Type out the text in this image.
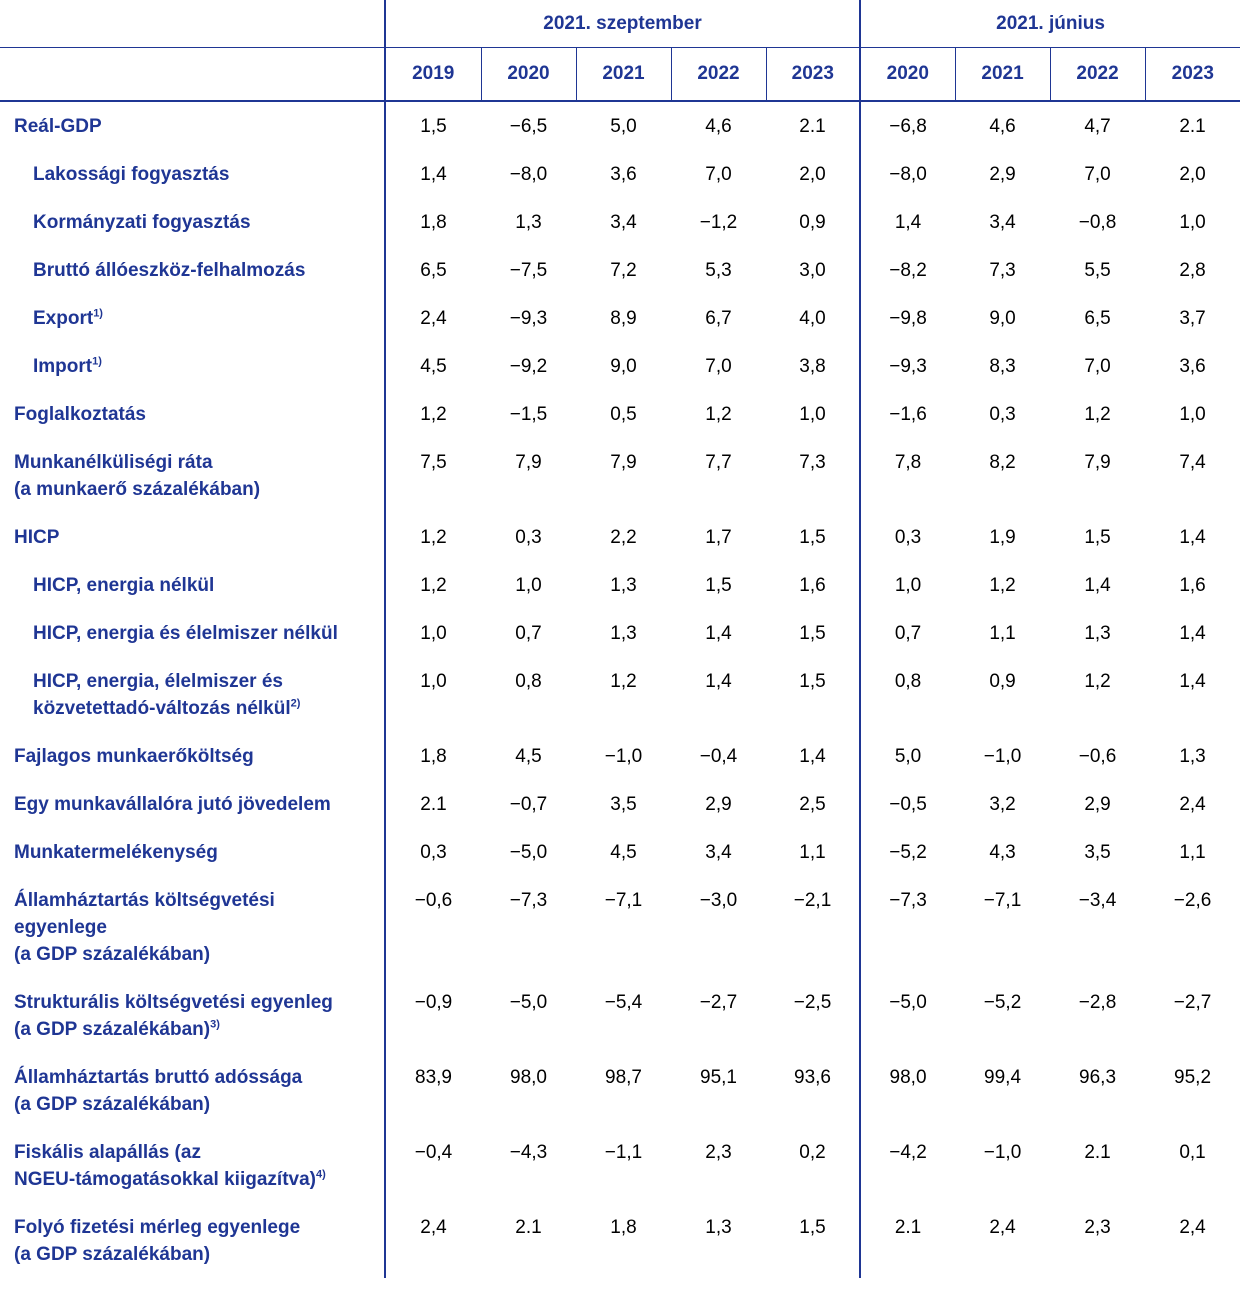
	2021. szeptember					2021. június			
	2019	2020	2021	2022	2023	2020	2021	2022	2023
Reál-GDP	1,5	−6,5	5,0	4,6	2.1	−6,8	4,6	4,7	2.1
Lakossági fogyasztás	1,4	−8,0	3,6	7,0	2,0	−8,0	2,9	7,0	2,0
Kormányzati fogyasztás	1,8	1,3	3,4	−1,2	0,9	1,4	3,4	−0,8	1,0
Bruttó állóeszköz-felhalmozás	6,5	−7,5	7,2	5,3	3,0	−8,2	7,3	5,5	2,8
Export$^{1)}$	2,4	−9,3	8,9	6,7	4,0	−9,8	9,0	6,5	3,7
Import$^{1)}$	4,5	−9,2	9,0	7,0	3,8	−9,3	8,3	7,0	3,6
Foglalkoztatás	1,2	−1,5	0,5	1,2	1,0	−1,6	0,3	1,2	1,0
Munkanélküliségi ráta
(a munkaerő százalékában)	7,5	7,9	7,9	7,7	7,3	7,8	8,2	7,9	7,4
HICP	1,2	0,3	2,2	1,7	1,5	0,3	1,9	1,5	1,4
HICP, energia nélkül	1,2	1,0	1,3	1,5	1,6	1,0	1,2	1,4	1,6
HICP, energia és élelmiszer nélkül	1,0	0,7	1,3	1,4	1,5	0,7	1,1	1,3	1,4
HICP, energia, élelmiszer és
közvetettadó-változás nélkül$^{2)}$	1,0	0,8	1,2	1,4	1,5	0,8	0,9	1,2	1,4
Fajlagos munkaerőköltség	1,8	4,5	−1,0	−0,4	1,4	5,0	−1,0	−0,6	1,3
Egy munkavállalóra jutó jövedelem	2.1	−0,7	3,5	2,9	2,5	−0,5	3,2	2,9	2,4
Munkatermelékenység	0,3	−5,0	4,5	3,4	1,1	−5,2	4,3	3,5	1,1
Államháztartás költségvetési
egyenlege
(a GDP százalékában)	−0,6	−7,3	−7,1	−3,0	−2,1	−7,3	−7,1	−3,4	−2,6
Strukturális költségvetési egyenleg
(a GDP százalékában)$^{3)}$	−0,9	−5,0	−5,4	−2,7	−2,5	−5,0	−5,2	−2,8	−2,7
Államháztartás bruttó adóssága
(a GDP százalékában)	83,9	98,0	98,7	95,1	93,6	98,0	99,4	96,3	95,2
Fiskális alapállás (az
NGEU-támogatásokkal kiigazítva)$^{4)}$	−0,4	−4,3	−1,1	2,3	0,2	−4,2	−1,0	2.1	0,1
Folyó fizetési mérleg egyenlege
(a GDP százalékában)	2,4	2.1	1,8	1,3	1,5	2.1	2,4	2,3	2,4
